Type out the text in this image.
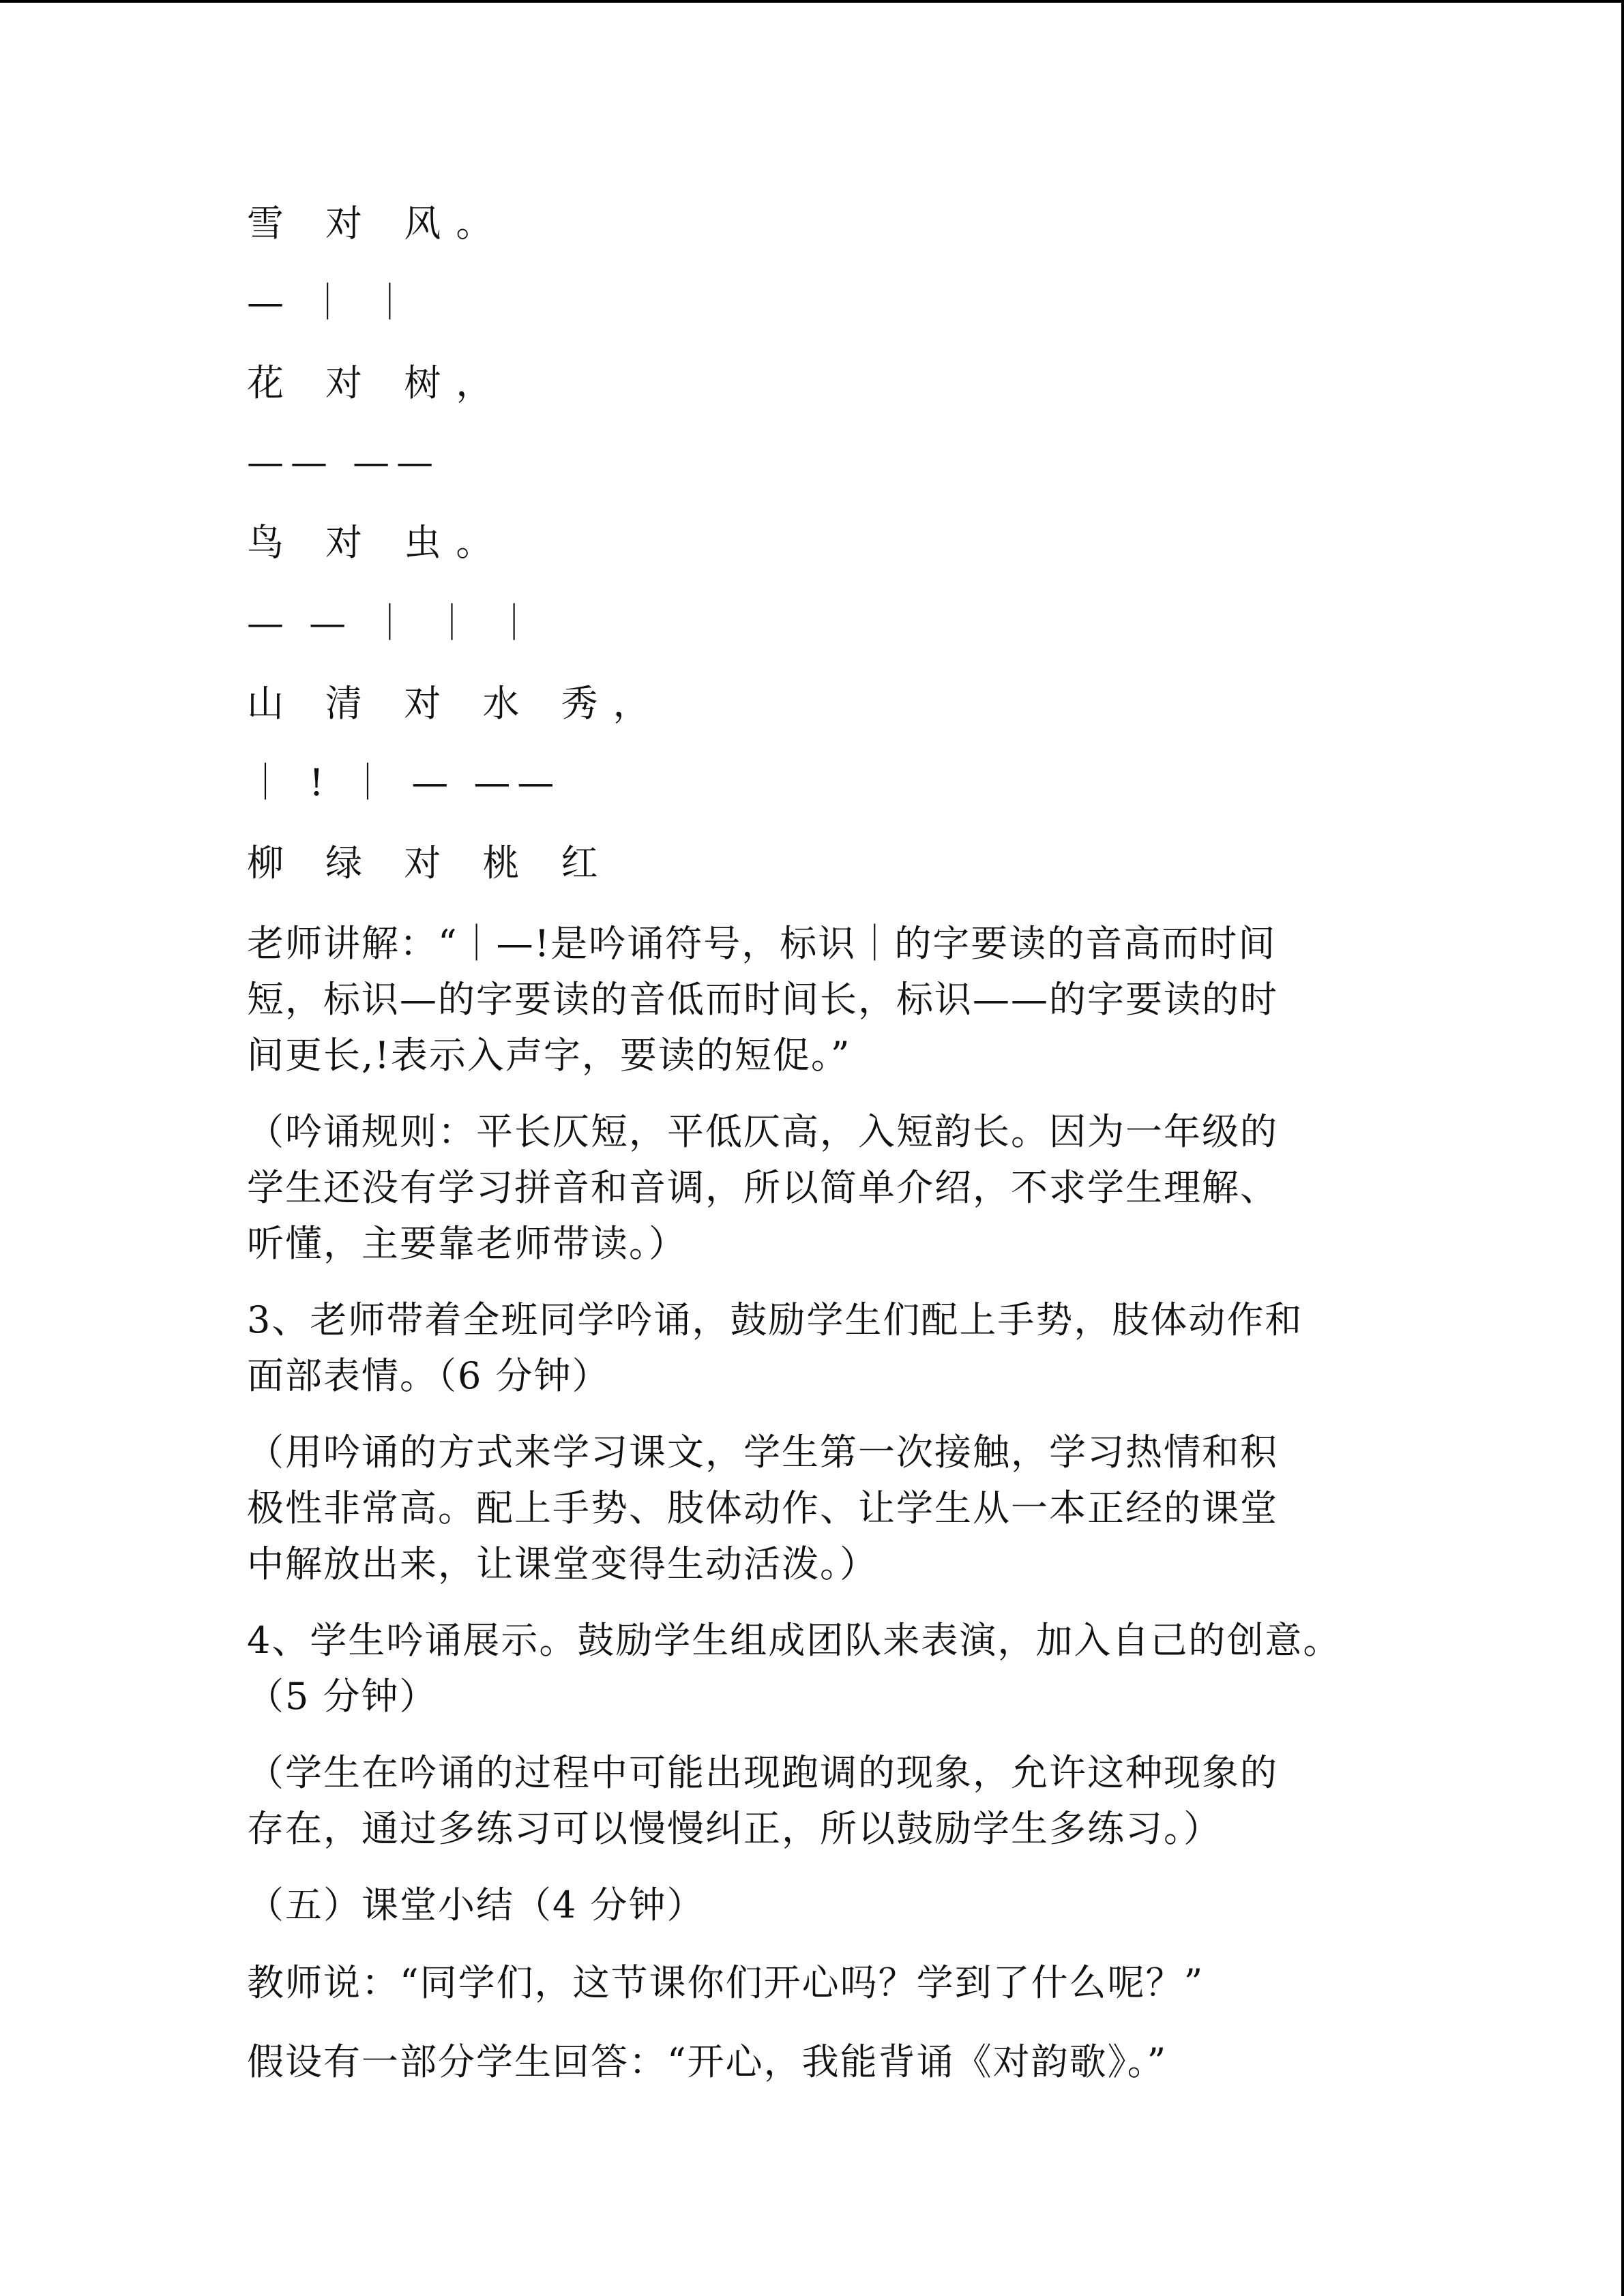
雪 对 风。
— ｜ ｜
花 对 树，
—— ——
鸟 对 虫。
— — ｜ ｜ ｜
山 清 对 水 秀，
｜ ! ｜ — ——
柳 绿 对 桃 红
老师讲解：“｜—!是吟诵符号，标识｜的字要读的音高而时间
短，标识—的字要读的音低而时间长，标识——的字要读的时
间更长,!表示入声字，要读的短促。”
（吟诵规则：平长仄短，平低仄高，入短韵长。因为一年级的
学生还没有学习拼音和音调，所以简单介绍，不求学生理解、
听懂，主要靠老师带读。）
3、老师带着全班同学吟诵，鼓励学生们配上手势，肢体动作和
面部表情。（6 分钟）
（用吟诵的方式来学习课文，学生第一次接触，学习热情和积
极性非常高。配上手势、肢体动作、让学生从一本正经的课堂
中解放出来，让课堂变得生动活泼。）
4、学生吟诵展示。鼓励学生组成团队来表演，加入自己的创意。
（5 分钟）
（学生在吟诵的过程中可能出现跑调的现象，允许这种现象的
存在，通过多练习可以慢慢纠正，所以鼓励学生多练习。）
（五）课堂小结（4 分钟）
教师说：“同学们，这节课你们开心吗？学到了什么呢？”
假设有一部分学生回答：“开心，我能背诵《对韵歌》。”
